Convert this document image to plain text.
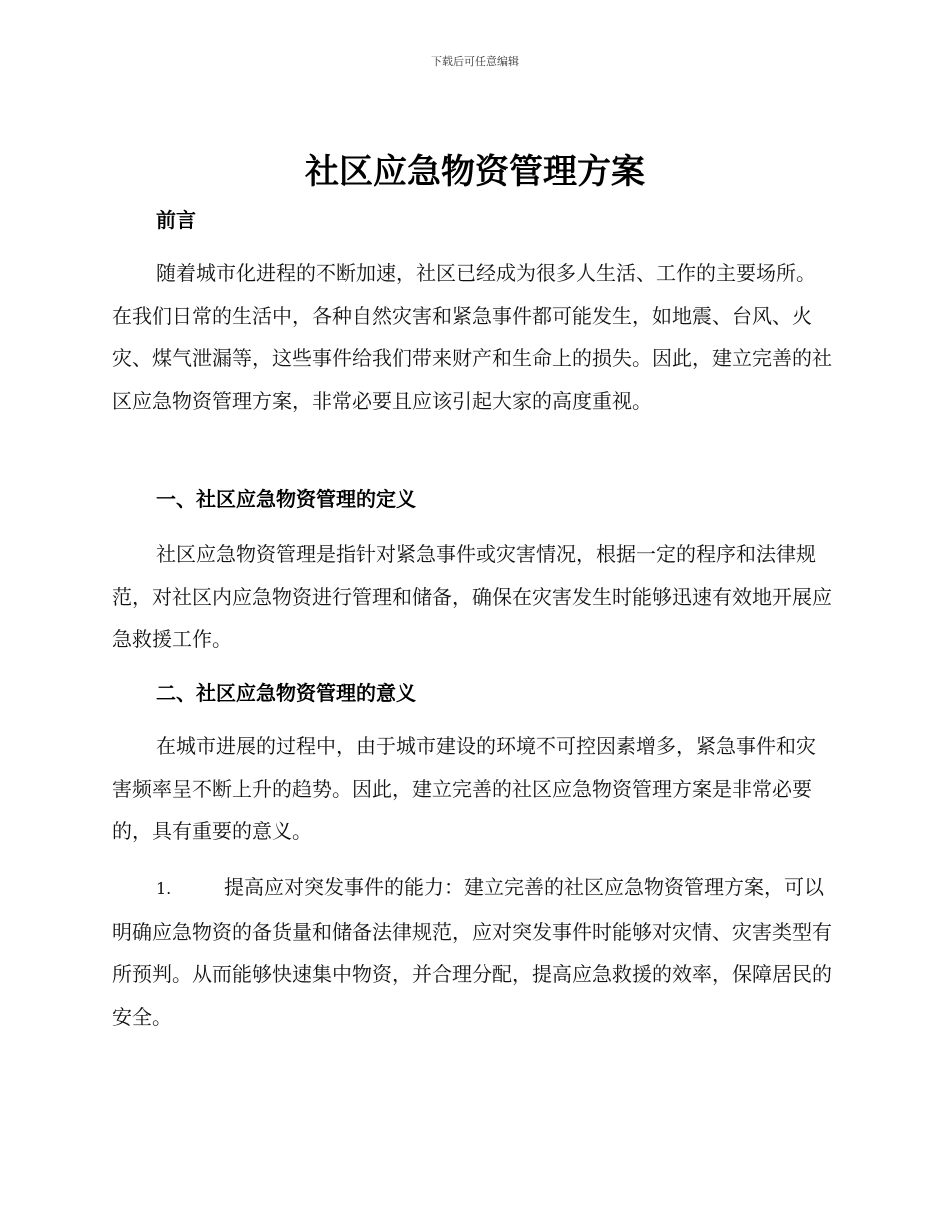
下载后可任意编辑
社区应急物资管理方案
前言

随着城市化进程的不断加速，社区已经成为很多人生活、工作的主要场所。在我们日常的生活中，各种自然灾害和紧急事件都可能发生，如地震、台风、火灾、煤气泄漏等，这些事件给我们带来财产和生命上的损失。因此，建立完善的社区应急物资管理方案，非常必要且应该引起大家的高度重视。

一、社区应急物资管理的定义

社区应急物资管理是指针对紧急事件或灾害情况，根据一定的程序和法律规范，对社区内应急物资进行管理和储备，确保在灾害发生时能够迅速有效地开展应急救援工作。

二、社区应急物资管理的意义

在城市进展的过程中，由于城市建设的环境不可控因素增多，紧急事件和灾害频率呈不断上升的趋势。因此，建立完善的社区应急物资管理方案是非常必要的，具有重要的意义。

1.	提高应对突发事件的能力：建立完善的社区应急物资管理方案，可以明确应急物资的备货量和储备法律规范，应对突发事件时能够对灾情、灾害类型有所预判。从而能够快速集中物资，并合理分配，提高应急救援的效率，保障居民的安全。
